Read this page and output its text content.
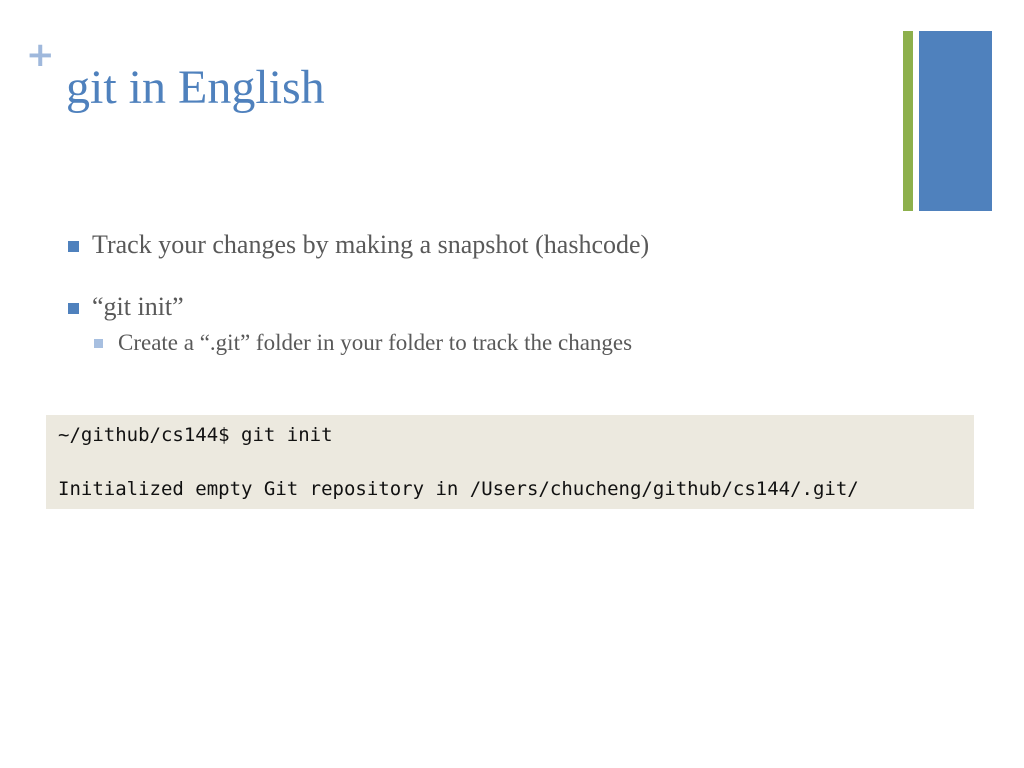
+
git in English
Track your changes by making a snapshot (hashcode)
“git init”
Create a “.git” folder in your folder to track the changes
~/github/cs144$ git init
Initialized empty Git repository in /Users/chucheng/github/cs144/.git/
